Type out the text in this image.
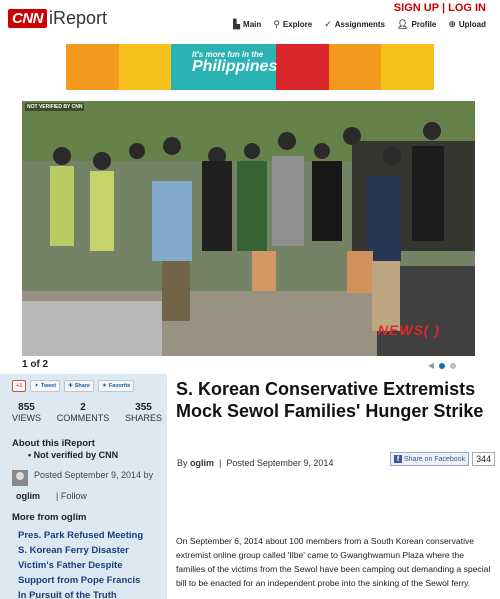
CNN iReport	SIGN UP | LOG IN
▙ Main ⚲ Explore ✓ Assignments 👤︎ Profile ⊕ Upload
It's more fun in the
Philippines
NOT VERIFIED BY CNN
NEWS( )
1 of 2	◀
+1 ✦ Tweet ✚ Share ★ Favorite
855
VIEWS
2
COMMENTS
355
SHARES
About this iReport
• Not verified by CNN
Posted September 9, 2014 by
oglim | Follow
More from oglim
Pres. Park Refused Meeting
S. Korean Ferry Disaster
Victim's Father Despite
Support from Pope Francis
In Pursuit of the Truth
S. Korean Conservative Extremists Mock Sewol Families' Hunger Strike
By oglim  |  Posted September 9, 2014	f Share on Facebook	344
On September 6, 2014 about 100 members from a South Korean conservative extremist online group called 'Ilbe' came to Gwanghwamun Plaza where the families of the victims from the Sewol have been camping out demanding a special bill to be enacted for an independent probe into the sinking of the Sewol ferry.
